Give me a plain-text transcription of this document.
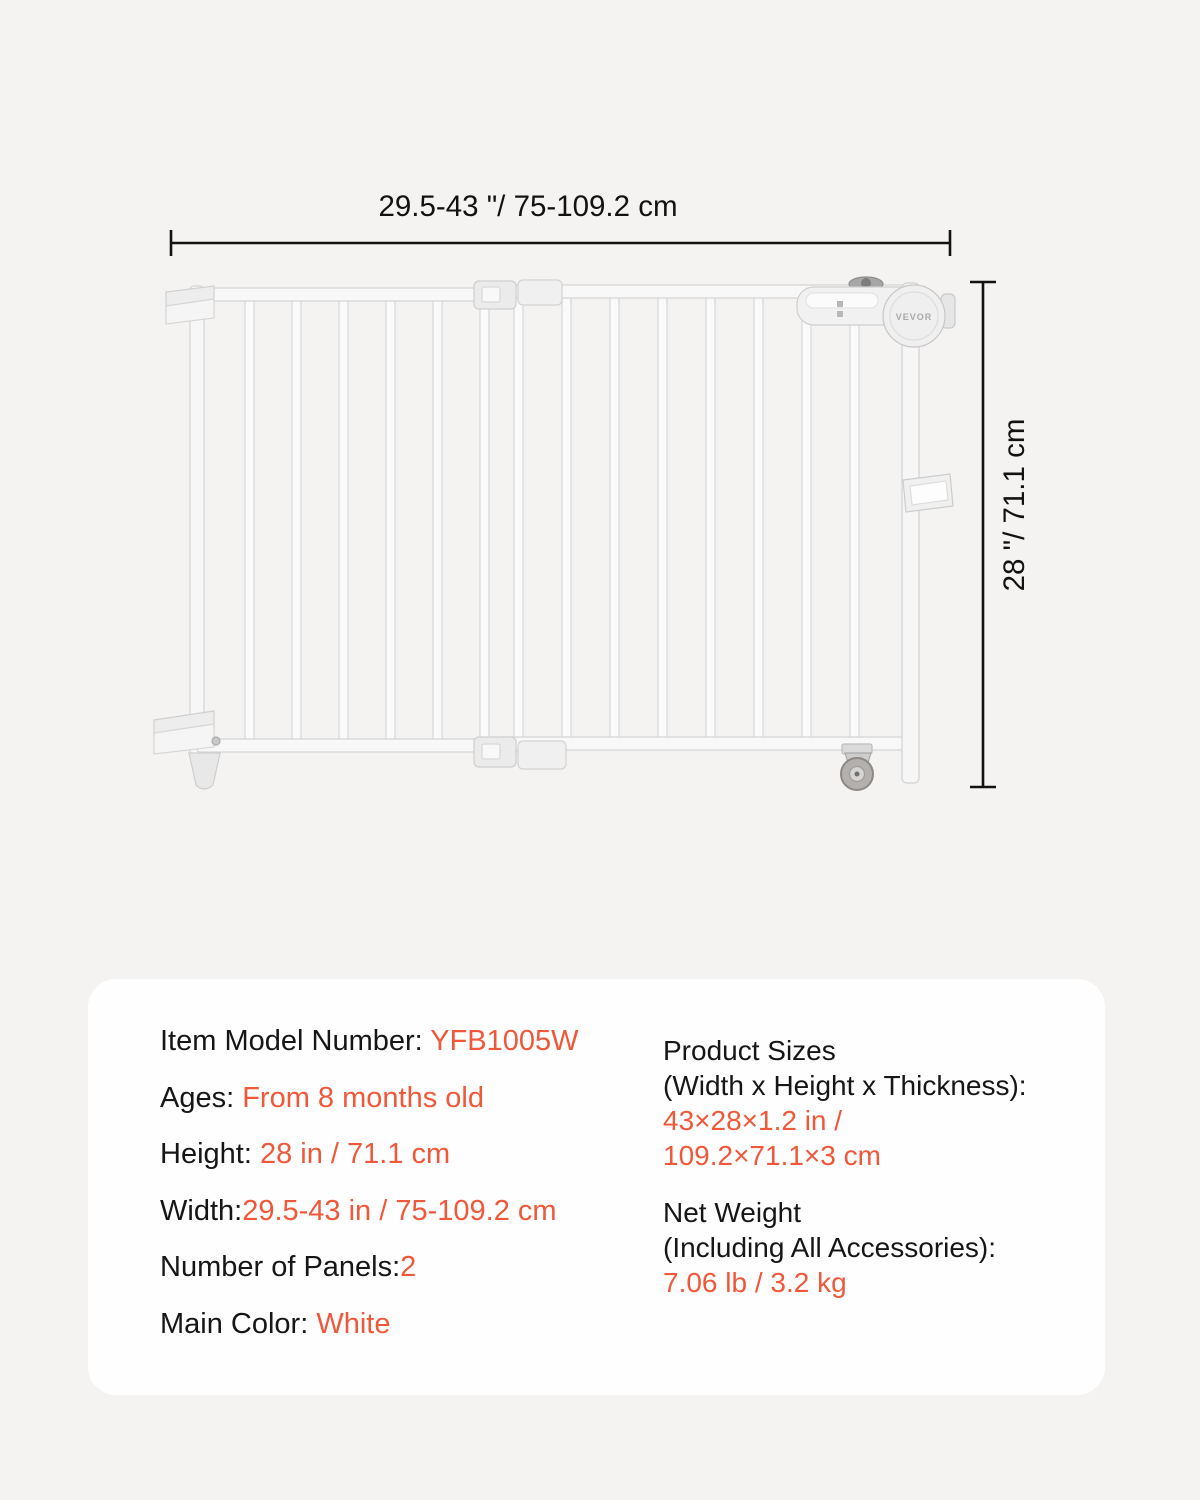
VEVOR
29.5-43 "/ 75-109.2 cm
28 "/ 71.1 cm

Item Model Number: YFB1005W

Ages: From 8 months old

Height: 28 in / 71.1 cm

Width:29.5-43 in / 75-109.2 cm

Number of Panels:2

Main Color: White

Product Sizes

(Width x Height x Thickness):

43×28×1.2 in /

109.2×71.1×3 cm

Net Weight

(Including All Accessories):

7.06 lb / 3.2 kg
